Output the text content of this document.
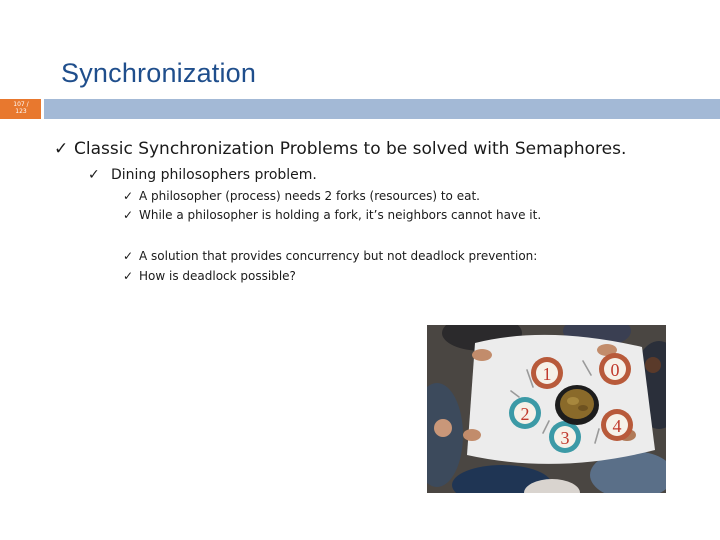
Synchronization
107 / 123
✓ Classic Synchronization Problems to be solved with Semaphores.
✓ Dining philosophers problem.
✓ A philosopher (process) needs 2 forks (resources) to eat.
✓ While a philosopher is holding a fork, it’s neighbors cannot have it.
✓ A solution that provides concurrency but not deadlock prevention:
✓ How is deadlock possible?
1	0
2
3
4
